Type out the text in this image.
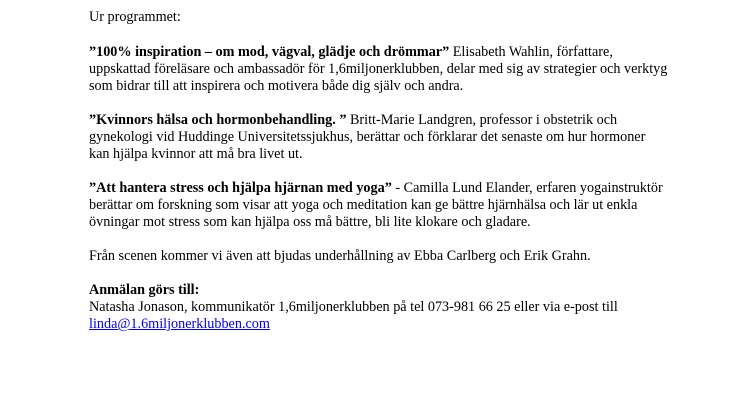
Ur programmet:

”100% inspiration – om mod, vägval, glädje och drömmar” Elisabeth Wahlin, författare, uppskattad föreläsare och ambassadör för 1,6miljonerklubben, delar med sig av strategier och verktyg som bidrar till att inspirera och motivera både dig själv och andra.

”Kvinnors hälsa och hormonbehandling. ” Britt-Marie Landgren, professor i obstetrik och gynekologi vid Huddinge Universitetssjukhus, berättar och förklarar det senaste om hur hormoner kan hjälpa kvinnor att må bra livet ut.

”Att hantera stress och hjälpa hjärnan med yoga” - Camilla Lund Elander, erfaren yogainstruktör berättar om forskning som visar att yoga och meditation kan ge bättre hjärnhälsa och lär ut enkla övningar mot stress som kan hjälpa oss må bättre, bli lite klokare och gladare.

Från scenen kommer vi även att bjudas underhållning av Ebba Carlberg och Erik Grahn.

Anmälan görs till:
Natasha Jonason, kommunikatör 1,6miljonerklubben på tel 073-981 66 25 eller via e-post till
linda@1.6miljonerklubben.com
